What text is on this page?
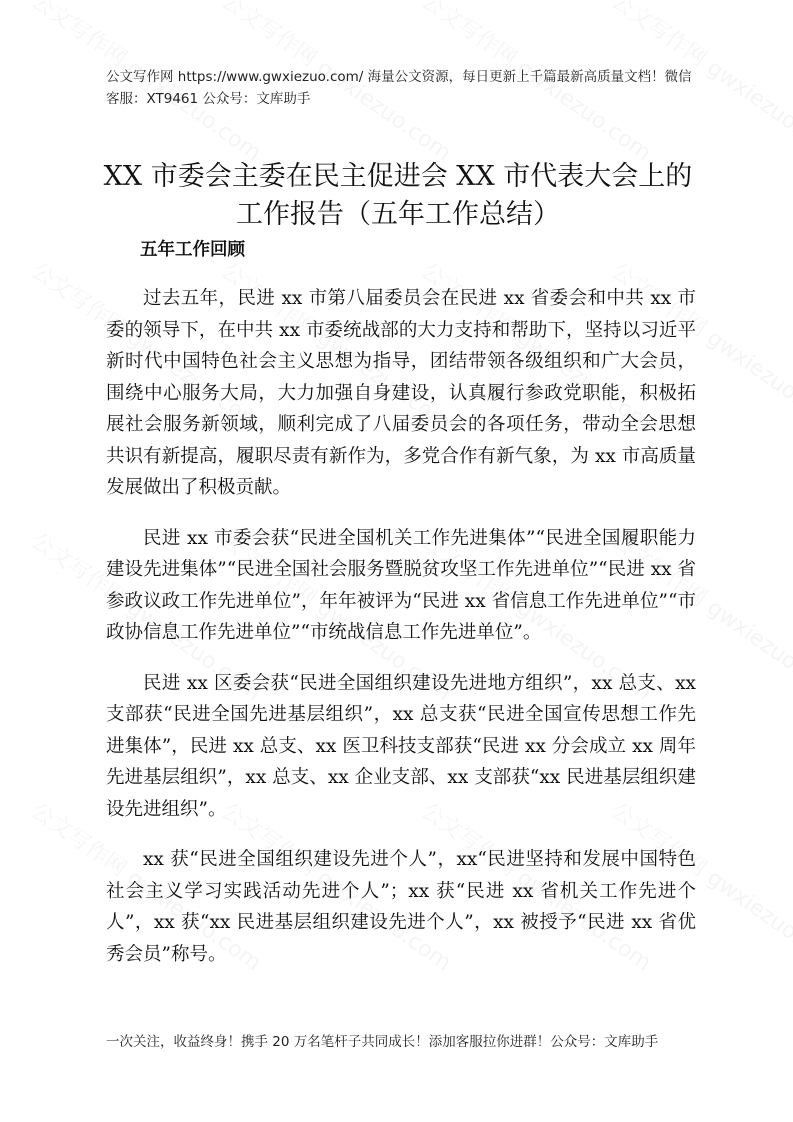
公文写作网 https://www.gwxiezuo.com/ 海量公文资源，每日更新上千篇最新高质量文档！微信客服：XT9461 公众号：文库助手
XX 市委会主委在民主促进会 XX 市代表大会上的工作报告（五年工作总结）
五年工作回顾

过去五年，民进 xx 市第八届委员会在民进 xx 省委会和中共 xx 市委的领导下，在中共 xx 市委统战部的大力支持和帮助下，坚持以习近平新时代中国特色社会主义思想为指导，团结带领各级组织和广大会员，围绕中心服务大局，大力加强自身建设，认真履行参政党职能，积极拓展社会服务新领域，顺利完成了八届委员会的各项任务，带动全会思想共识有新提高，履职尽责有新作为，多党合作有新气象，为 xx 市高质量发展做出了积极贡献。

民进 xx 市委会获“民进全国机关工作先进集体”“民进全国履职能力建设先进集体”“民进全国社会服务暨脱贫攻坚工作先进单位”“民进 xx 省参政议政工作先进单位”，年年被评为“民进 xx 省信息工作先进单位”“市政协信息工作先进单位”“市统战信息工作先进单位”。

民进 xx 区委会获“民进全国组织建设先进地方组织”，xx 总支、xx 支部获“民进全国先进基层组织”，xx 总支获“民进全国宣传思想工作先进集体”，民进 xx 总支、xx 医卫科技支部获“民进 xx 分会成立 xx 周年先进基层组织”，xx 总支、xx 企业支部、xx 支部获“xx 民进基层组织建设先进组织”。

xx 获“民进全国组织建设先进个人”，xx“民进坚持和发展中国特色社会主义学习实践活动先进个人”；xx 获“民进 xx 省机关工作先进个人”，xx 获“xx 民进基层组织建设先进个人”，xx 被授予“民进 xx 省优秀会员”称号。

一次关注，收益终身！携手 20 万名笔杆子共同成长！添加客服拉你进群！公众号：文库助手
